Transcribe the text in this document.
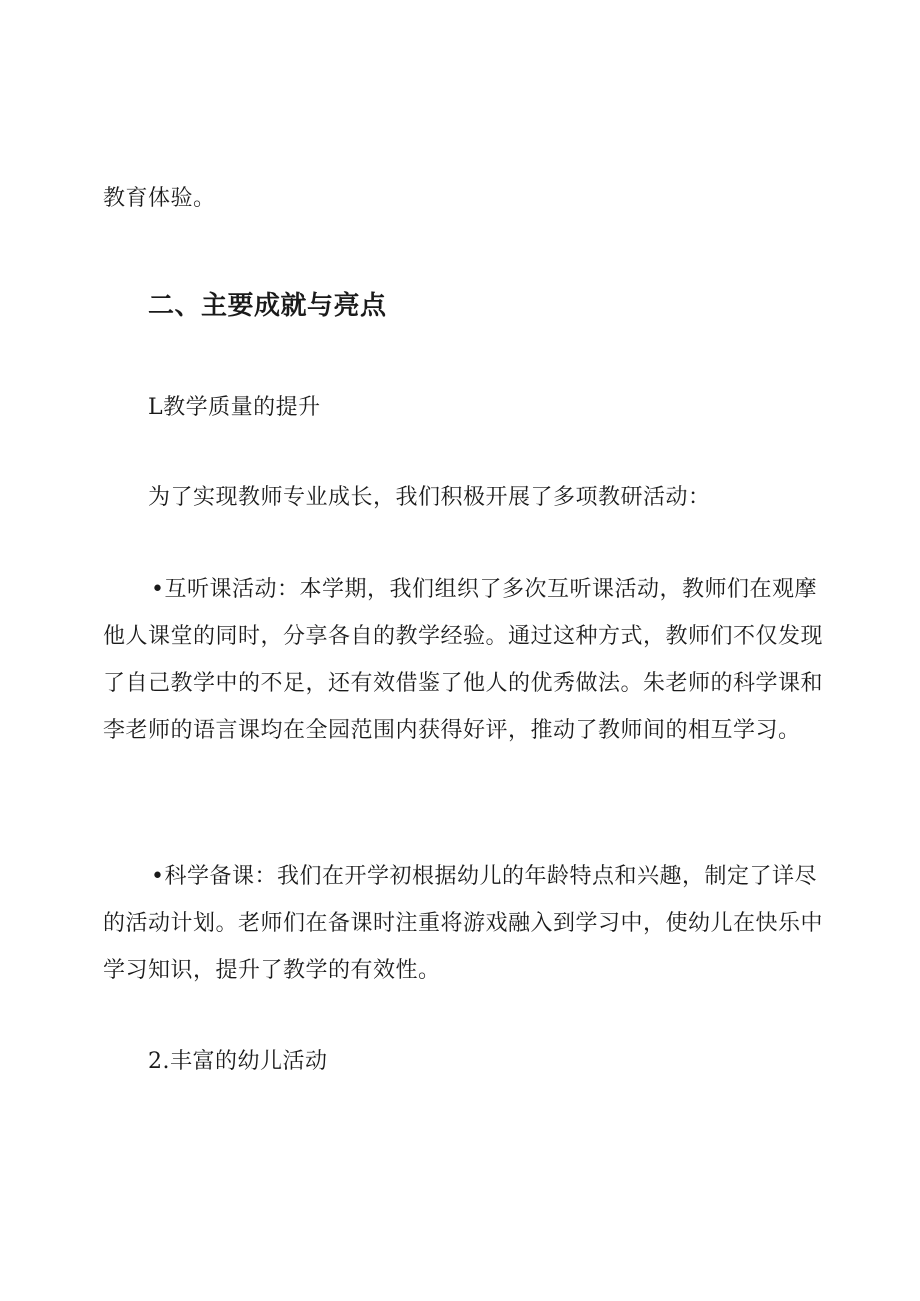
教育体验。

二、主要成就与亮点

L教学质量的提升

为了实现教师专业成长，我们积极开展了多项教研活动：

•互听课活动：本学期，我们组织了多次互听课活动，教师们在观摩他人课堂的同时，分享各自的教学经验。通过这种方式，教师们不仅发现了自己教学中的不足，还有效借鉴了他人的优秀做法。朱老师的科学课和李老师的语言课均在全园范围内获得好评，推动了教师间的相互学习。

•科学备课：我们在开学初根据幼儿的年龄特点和兴趣，制定了详尽的活动计划。老师们在备课时注重将游戏融入到学习中，使幼儿在快乐中学习知识，提升了教学的有效性。

2.丰富的幼儿活动
